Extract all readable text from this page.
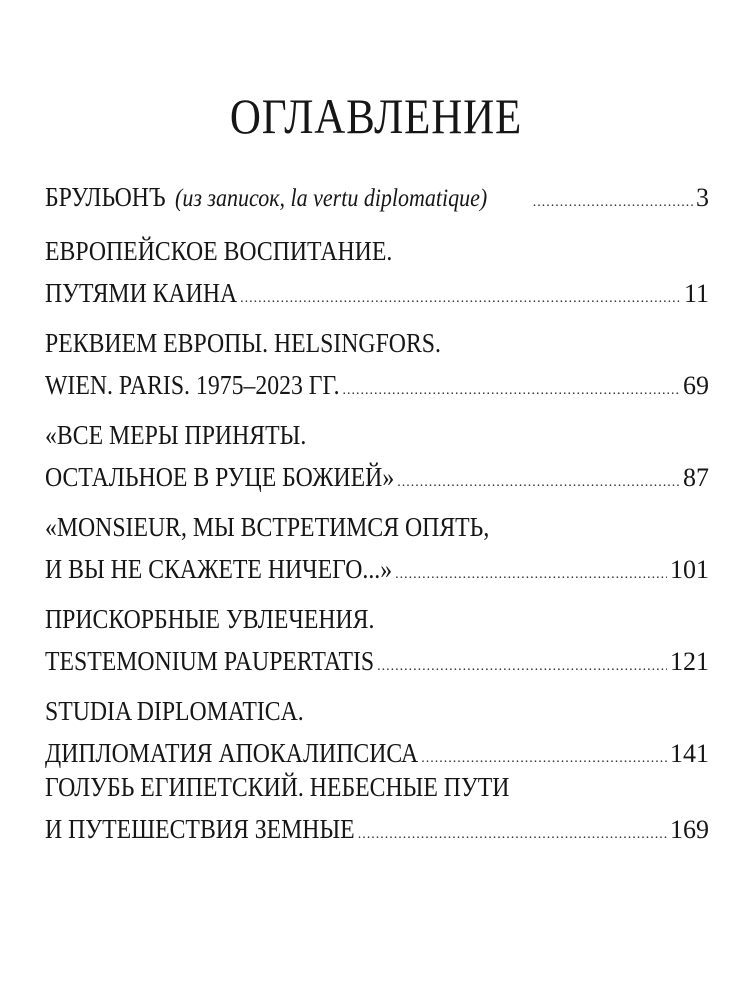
ОГЛАВЛЕНИЕ
БРУЛЬОНЪ (из записок, la vertu diplomatique) .....	3
ЕВРОПЕЙСКОЕ ВОСПИТАНИЕ.
ПУТЯМИ КАИНА .....	11
РЕКВИЕМ ЕВРОПЫ. HELSINGFORS.
WIEN. PARIS. 1975–2023 ГГ. .....	69
«ВСЕ МЕРЫ ПРИНЯТЫ.
ОСТАЛЬНОЕ В РУЦЕ БОЖИЕЙ» .....	87
«MONSIEUR, МЫ ВСТРЕТИМСЯ ОПЯТЬ,
И ВЫ НЕ СКАЖЕТЕ НИЧЕГО...» .....	101
ПРИСКОРБНЫЕ УВЛЕЧЕНИЯ.
TESTEMONIUM PAUPERTATIS .....	121
STUDIA DIPLOMATICA.
ДИПЛОМАТИЯ АПОКАЛИПСИСА .....	141
ГОЛУБЬ ЕГИПЕТСКИЙ. НЕБЕСНЫЕ ПУТИ
И ПУТЕШЕСТВИЯ ЗЕМНЫЕ .....	169
